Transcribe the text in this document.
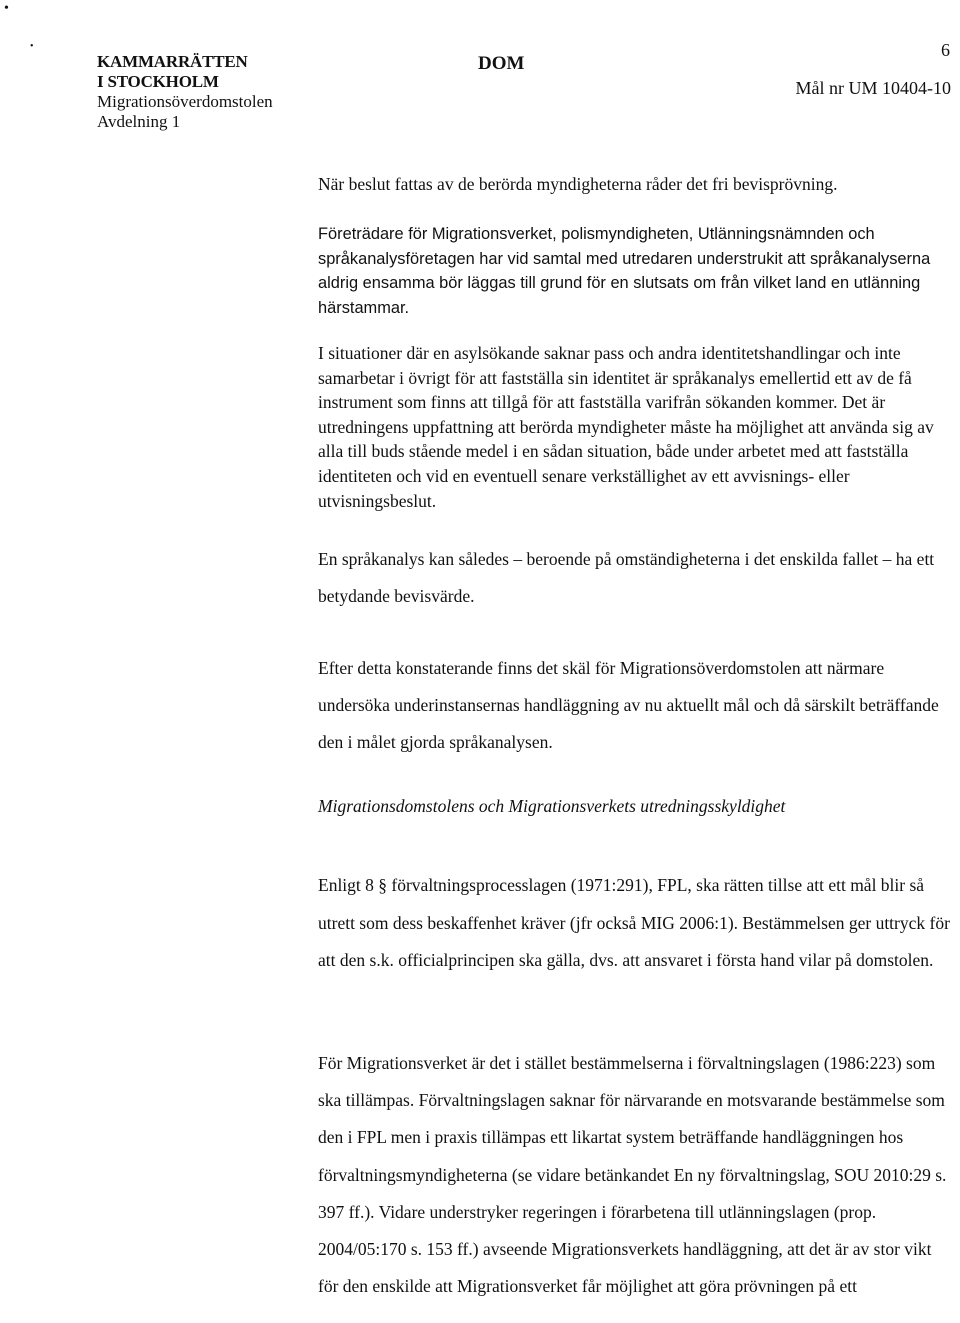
•
•
KAMMARRÄTTEN
I STOCKHOLM
Migrationsöverdomstolen
Avdelning 1
DOM
6
Mål nr UM 10404-10

När beslut fattas av de berörda myndigheterna råder det fri bevisprövning.

Företrädare för Migrationsverket, polismyndigheten, Utlänningsnämnden och språkanalysföretagen har vid samtal med utredaren understrukit att språkanalyserna aldrig ensamma bör läggas till grund för en slutsats om från vilket land en utlänning härstammar.

I situationer där en asylsökande saknar pass och andra identitetshandlingar och inte samarbetar i övrigt för att fastställa sin identitet är språkanalys emellertid ett av de få instrument som finns att tillgå för att fastställa varifrån sökanden kommer. Det är utredningens uppfattning att berörda myndigheter måste ha möjlighet att använda sig av alla till buds stående medel i en sådan situation, både under arbetet med att fastställa identiteten och vid en eventuell senare verkställighet av ett avvisnings- eller utvisningsbeslut.

En språkanalys kan således – beroende på omständigheterna i det enskilda fallet – ha ett betydande bevisvärde.

Efter detta konstaterande finns det skäl för Migrationsöverdomstolen att närmare undersöka underinstansernas handläggning av nu aktuellt mål och då särskilt beträffande den i målet gjorda språkanalysen.

Migrationsdomstolens och Migrationsverkets utredningsskyldighet

Enligt 8 § förvaltningsprocesslagen (1971:291), FPL, ska rätten tillse att ett mål blir så utrett som dess beskaffenhet kräver (jfr också MIG 2006:1). Bestämmelsen ger uttryck för att den s.k. officialprincipen ska gälla, dvs. att ansvaret i första hand vilar på domstolen.

För Migrationsverket är det i stället bestämmelserna i förvaltningslagen (1986:223) som ska tillämpas. Förvaltningslagen saknar för närvarande en motsvarande bestämmelse som den i FPL men i praxis tillämpas ett likartat system beträffande handläggningen hos förvaltningsmyndigheterna (se vidare betänkandet En ny förvaltningslag, SOU 2010:29 s. 397 ff.). Vidare understryker regeringen i förarbetena till utlänningslagen (prop. 2004/05:170 s. 153 ff.) avseende Migrationsverkets handläggning, att det är av stor vikt för den enskilde att Migrationsverket får möjlighet att göra prövningen på ett
